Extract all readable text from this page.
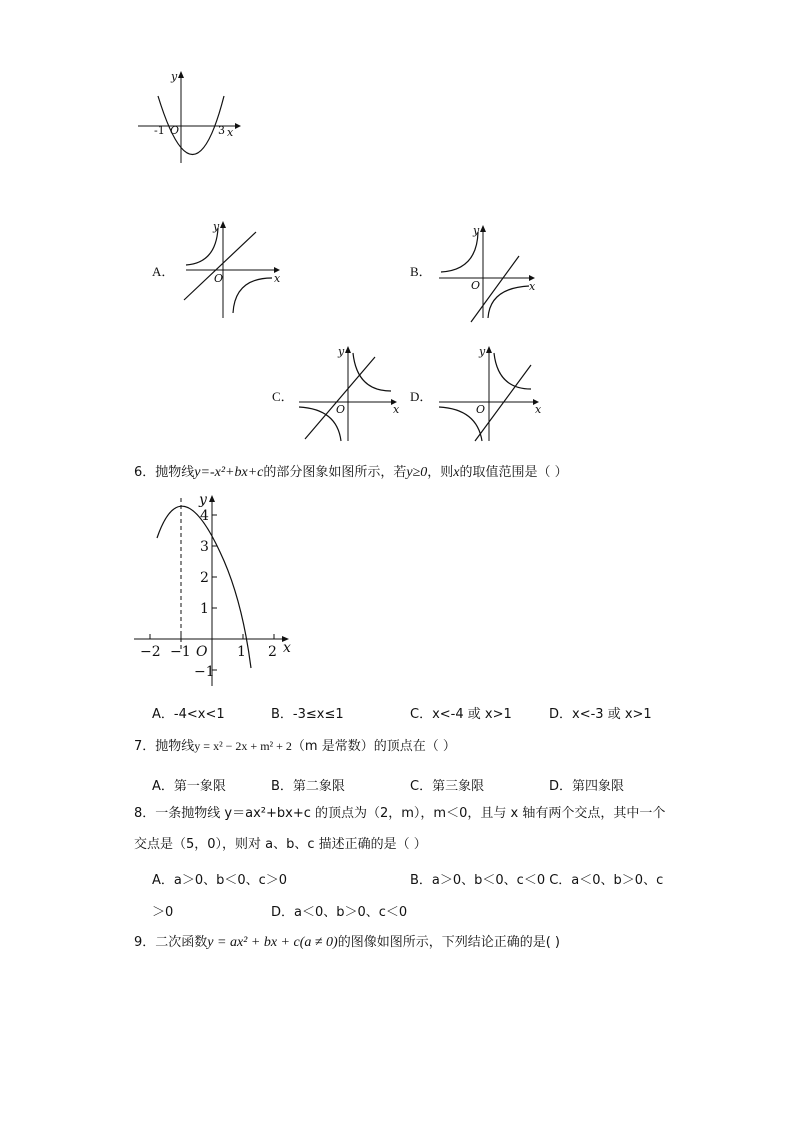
y
x
O
-1	3
A．
y
x
O	B．
y
x
O
C．
y
x
O
D．
y
x
O
6．抛物线y=-x²+bx+c的部分图象如图所示，若y≥0，则x的取值范围是（ ）
y
x
O
−2 −1	1 2
4
3
2
1
−1
A．-4<x<1	B．-3≤x≤1	C．x<-4 或 x>1	D．x<-3 或 x>1
7．抛物线y = x² − 2x + m² + 2（m 是常数）的顶点在（ ）
A．第一象限	B．第二象限	C．第三象限	D．第四象限
8．一条抛物线 y＝ax²+bx+c 的顶点为（2，m），m＜0，且与 x 轴有两个交点，其中一个
交点是（5，0），则对 a、b、c 描述正确的是（ ）
A．a＞0、b＜0、c＞0	B．a＞0、b＜0、c＜0 C．a＜0、b＞0、c
＞0	D．a＜0、b＞0、c＜0
9．二次函数y = ax² + bx + c(a ≠ 0)的图像如图所示，下列结论正确的是( )
